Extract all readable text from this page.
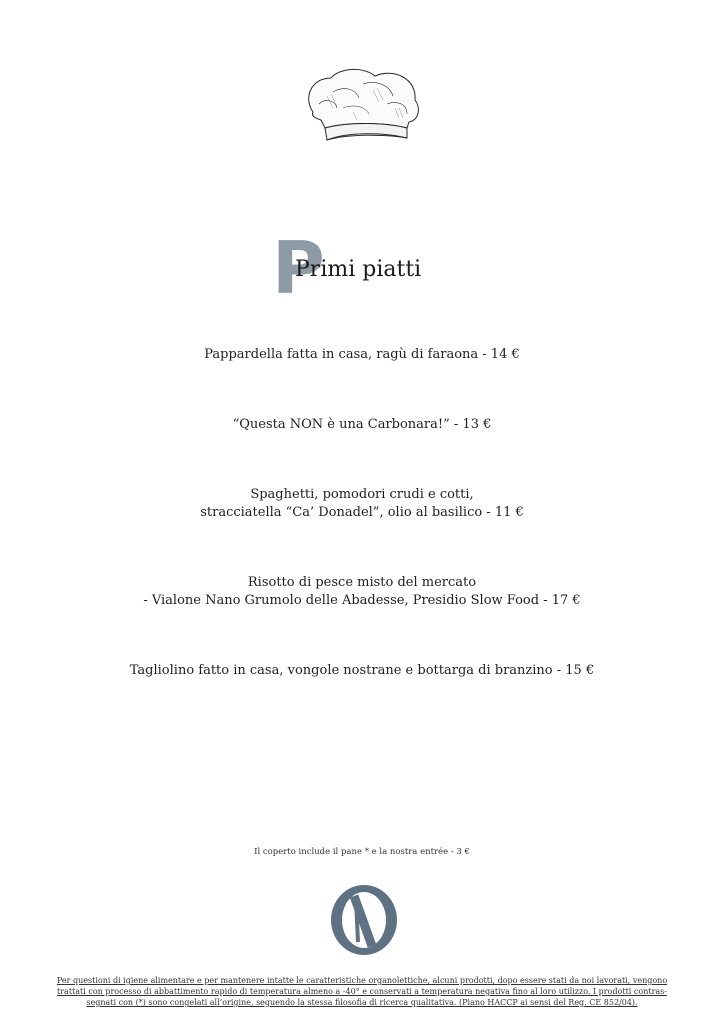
P
Primi piatti
Pappardella fatta in casa, ragù di faraona - 14 €
“Questa NON è una Carbonara!” - 13 €
Spaghetti, pomodori crudi e cotti,
stracciatella “Ca’ Donadel”, olio al basilico - 11 €
Risotto di pesce misto del mercato
- Vialone Nano Grumolo delle Abadesse, Presidio Slow Food - 17 €
Tagliolino fatto in casa, vongole nostrane e bottarga di branzino - 15 €
Il coperto include il pane * e la nostra entrée - 3 €
Per questioni di igiene alimentare e per mantenere intatte le caratteristiche organolettiche, alcuni prodotti, dopo essere stati da noi lavorati, vengono
trattati con processo di abbattimento rapido di temperatura almeno a -40° e conservati a temperatura negativa fino al loro utilizzo. I prodotti contras-
segnati con (*) sono congelati all’origine, seguendo la stessa filosofia di ricerca qualitativa. (Piano HACCP ai sensi del Reg. CE 852/04).
